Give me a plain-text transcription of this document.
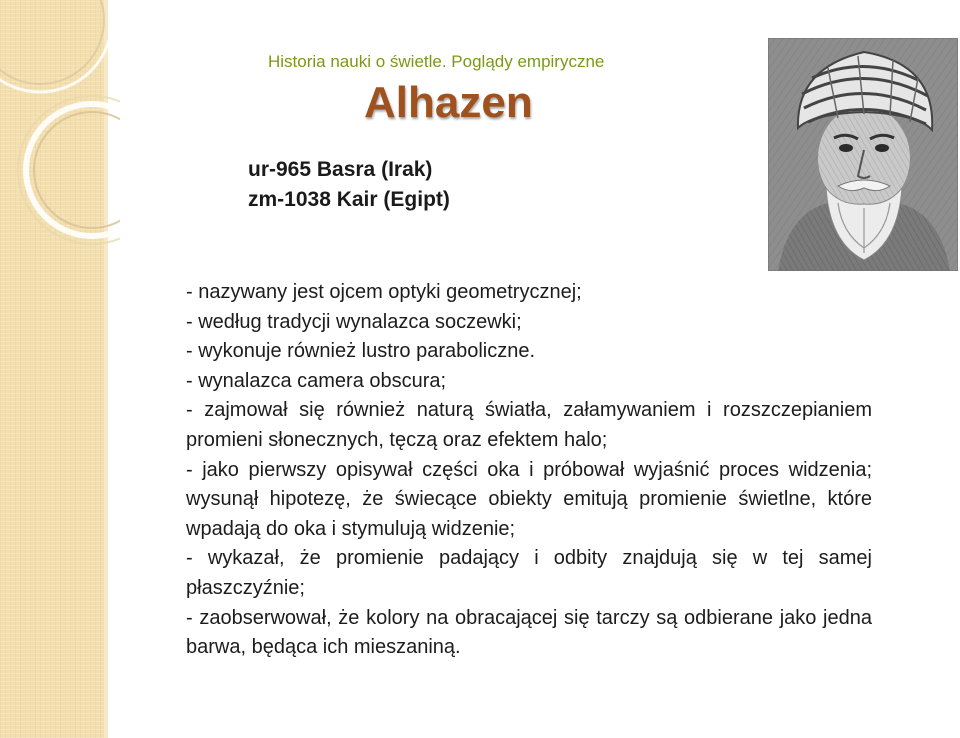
Historia nauki o świetle. Poglądy empiryczne
Alhazen
ur-965 Basra (Irak)
zm-1038 Kair (Egipt)

- nazywany jest ojcem optyki geometrycznej;

- według tradycji wynalazca soczewki;

- wykonuje również lustro paraboliczne.

- wynalazca camera obscura;

- zajmował się również naturą światła, załamywaniem i rozszczepianiem promieni słonecznych, tęczą oraz efektem halo;

- jako pierwszy opisywał części oka i próbował wyjaśnić proces widzenia; wysunął hipotezę, że świecące obiekty emitują promienie świetlne, które wpadają do oka i stymulują widzenie;

- wykazał, że promienie padający i odbity znajdują się w tej samej płaszczyźnie;

- zaobserwował, że kolory na obracającej się tarczy są odbierane jako jedna barwa, będąca ich mieszaniną.
